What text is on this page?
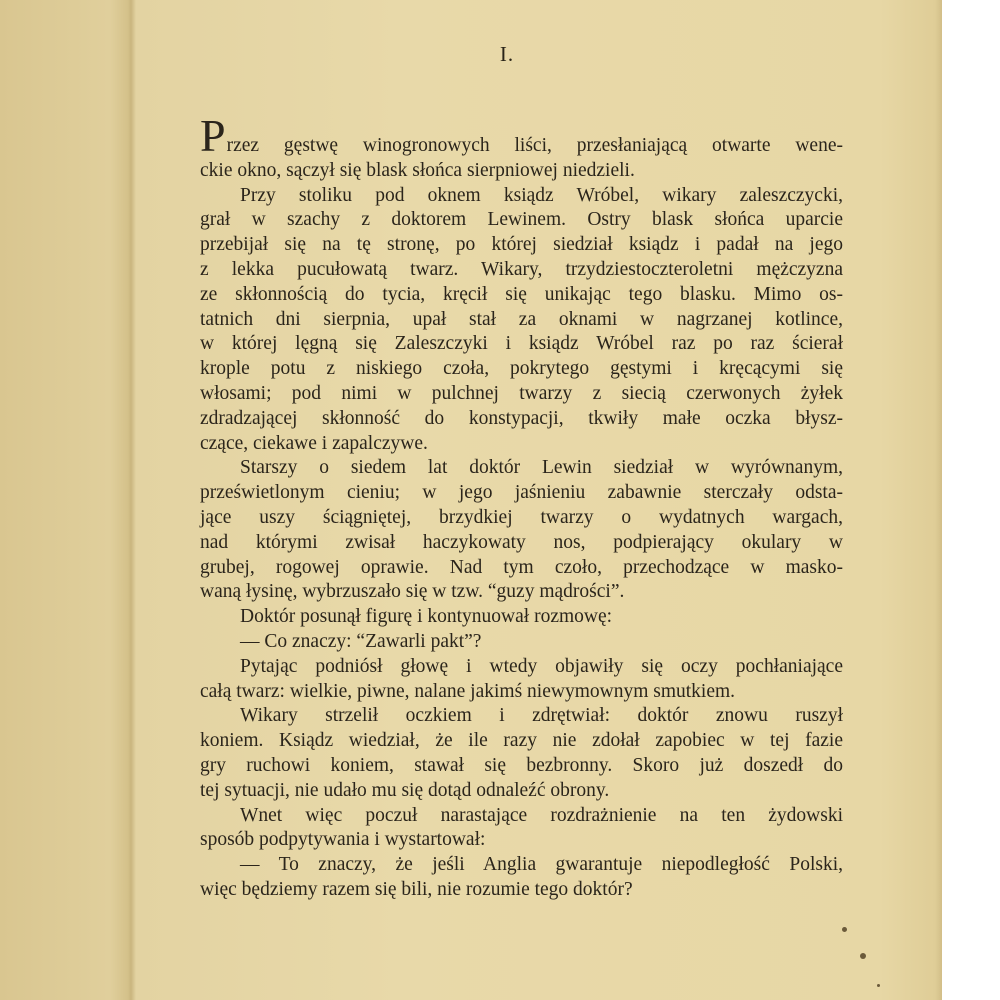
I.
Przez gęstwę winogronowych liści, przesłaniającą otwarte wene-
ckie okno, sączył się blask słońca sierpniowej niedzieli.
Przy stoliku pod oknem ksiądz Wróbel, wikary zaleszczycki,
grał w szachy z doktorem Lewinem. Ostry blask słońca uparcie
przebijał się na tę stronę, po której siedział ksiądz i padał na jego
z lekka pucułowatą twarz. Wikary, trzydziestoczteroletni mężczyzna
ze skłonnością do tycia, kręcił się unikając tego blasku. Mimo os-
tatnich dni sierpnia, upał stał za oknami w nagrzanej kotlince,
w której lęgną się Zaleszczyki i ksiądz Wróbel raz po raz ścierał
krople potu z niskiego czoła, pokrytego gęstymi i kręcącymi się
włosami; pod nimi w pulchnej twarzy z siecią czerwonych żyłek
zdradzającej skłonność do konstypacji, tkwiły małe oczka błysz-
czące, ciekawe i zapalczywe.
Starszy o siedem lat doktór Lewin siedział w wyrównanym,
prześwietlonym cieniu; w jego jaśnieniu zabawnie sterczały odsta-
jące uszy ściągniętej, brzydkiej twarzy o wydatnych wargach,
nad którymi zwisał haczykowaty nos, podpierający okulary w
grubej, rogowej oprawie. Nad tym czoło, przechodzące w masko-
waną łysinę, wybrzuszało się w tzw. “guzy mądrości”.
Doktór posunął figurę i kontynuował rozmowę:
— Co znaczy: “Zawarli pakt”?
Pytając podniósł głowę i wtedy objawiły się oczy pochłaniające
całą twarz: wielkie, piwne, nalane jakimś niewymownym smutkiem.
Wikary strzelił oczkiem i zdrętwiał: doktór znowu ruszył
koniem. Ksiądz wiedział, że ile razy nie zdołał zapobiec w tej fazie
gry ruchowi koniem, stawał się bezbronny. Skoro już doszedł do
tej sytuacji, nie udało mu się dotąd odnaleźć obrony.
Wnet więc poczuł narastające rozdrażnienie na ten żydowski
sposób podpytywania i wystartował:
— To znaczy, że jeśli Anglia gwarantuje niepodległość Polski,
więc będziemy razem się bili, nie rozumie tego doktór?
